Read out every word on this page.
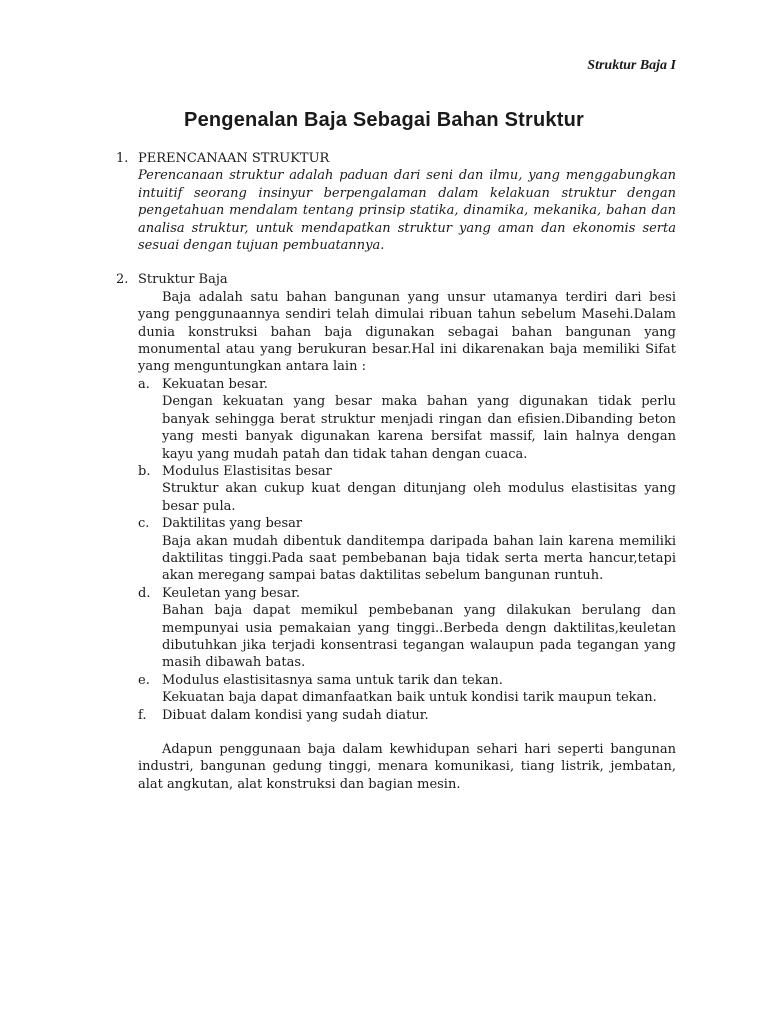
Struktur Baja I
Pengenalan Baja Sebagai Bahan Struktur
1. PERENCANAAN STRUKTUR

Perencanaan struktur adalah paduan dari seni dan ilmu, yang menggabungkan intuitif seorang insinyur berpengalaman dalam kelakuan struktur dengan pengetahuan mendalam tentang prinsip statika, dinamika, mekanika, bahan dan analisa struktur, untuk mendapatkan struktur yang aman dan ekonomis serta sesuai dengan tujuan pembuatannya.

2. Struktur Baja

Baja adalah satu bahan bangunan yang unsur utamanya terdiri dari besi yang penggunaannya sendiri telah dimulai ribuan tahun sebelum Masehi.Dalam dunia konstruksi bahan baja digunakan sebagai bahan bangunan yang monumental atau yang berukuran besar.Hal ini dikarenakan baja memiliki Sifat yang menguntungkan antara lain :

a. Kekuatan besar.

Dengan kekuatan yang besar maka bahan yang digunakan tidak perlu banyak sehingga berat struktur menjadi ringan dan efisien.Dibanding beton yang mesti banyak digunakan karena bersifat massif, lain halnya dengan kayu yang mudah patah dan tidak tahan dengan cuaca.

b. Modulus Elastisitas besar

Struktur akan cukup kuat dengan ditunjang oleh modulus elastisitas yang besar pula.

c. Daktilitas yang besar

Baja akan mudah dibentuk danditempa daripada bahan lain karena memiliki daktilitas tinggi.Pada saat pembebanan baja tidak serta merta hancur,tetapi akan meregang sampai batas daktilitas sebelum bangunan runtuh.

d. Keuletan yang besar.

Bahan baja dapat memikul pembebanan yang dilakukan berulang dan mempunyai usia pemakaian yang tinggi..Berbeda dengn daktilitas,keuletan dibutuhkan jika terjadi konsentrasi tegangan walaupun pada tegangan yang masih dibawah batas.

e. Modulus elastisitasnya sama untuk tarik dan tekan.

Kekuatan baja dapat dimanfaatkan baik untuk kondisi tarik maupun tekan.

f. Dibuat dalam kondisi yang sudah diatur.

Adapun penggunaan baja dalam kewhidupan sehari hari seperti bangunan industri, bangunan gedung tinggi, menara komunikasi, tiang listrik, jembatan, alat angkutan, alat konstruksi dan bagian mesin.
